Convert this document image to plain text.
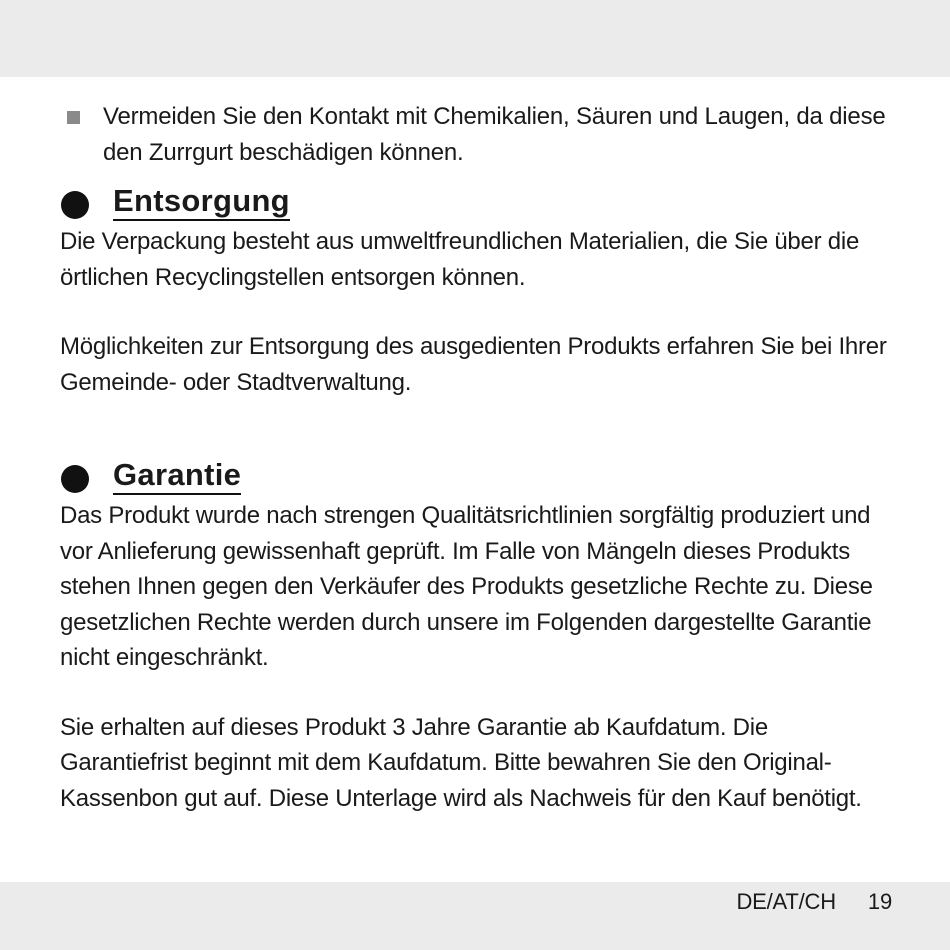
Vermeiden Sie den Kontakt mit Chemikalien, Säuren und Laugen, da diese den Zurrgurt beschädigen können.
Entsorgung

Die Verpackung besteht aus umweltfreundlichen Materialien, die Sie über die örtlichen Recyclingstellen entsorgen können.

Möglichkeiten zur Entsorgung des ausgedienten Produkts erfahren Sie bei Ihrer Gemeinde- oder Stadtverwaltung.

Garantie

Das Produkt wurde nach strengen Qualitätsrichtlinien sorgfältig produziert und vor Anlieferung gewissenhaft geprüft. Im Falle von Mängeln dieses Produkts stehen Ihnen gegen den Verkäufer des Produkts gesetzliche Rechte zu. Diese gesetzlichen Rechte werden durch unsere im Folgenden dargestellte Garantie nicht eingeschränkt.

Sie erhalten auf dieses Produkt 3 Jahre Garantie ab Kaufdatum. Die Garantiefrist beginnt mit dem Kaufdatum. Bitte bewahren Sie den Original-Kassenbon gut auf. Diese Unterlage wird als Nachweis für den Kauf benötigt.

DE/AT/CH 19
